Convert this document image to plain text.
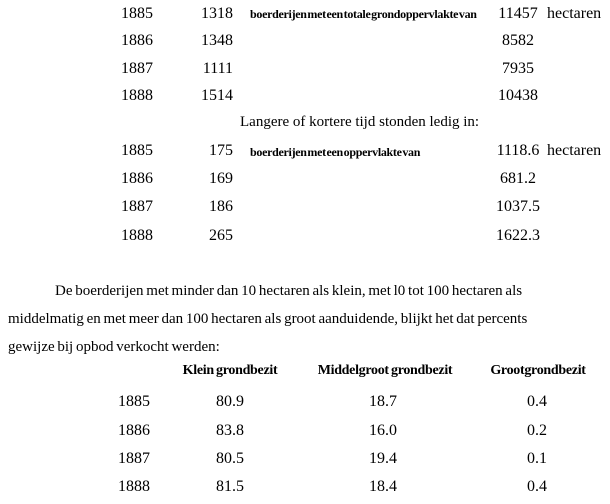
1885	1318 boerderijen met een totale grondoppervlakte van	11457 hectaren
1886	1348	8582
1887	1111	7935
1888	1514	10438
Langere of kortere tijd stonden ledig in:
1885	175 boerderijen met een oppervlakte van	1118.6 hectaren
1886	169	681.2
1887	186	1037.5
1888	265	1622.3
De boerderijen met minder dan 10 hectaren als klein, met l0 tot 100 hectaren als
middelmatig en met meer dan 100 hectaren als groot aanduidende, blijkt het dat percents
gewijze bij opbod verkocht werden:
Klein grondbezit	Middelgroot grondbezit	Grootgrondbezit
1885	80.9	18.7	0.4
1886	83.8	16.0	0.2
1887	80.5	19.4	0.1
1888	81.5	18.4	0.4
